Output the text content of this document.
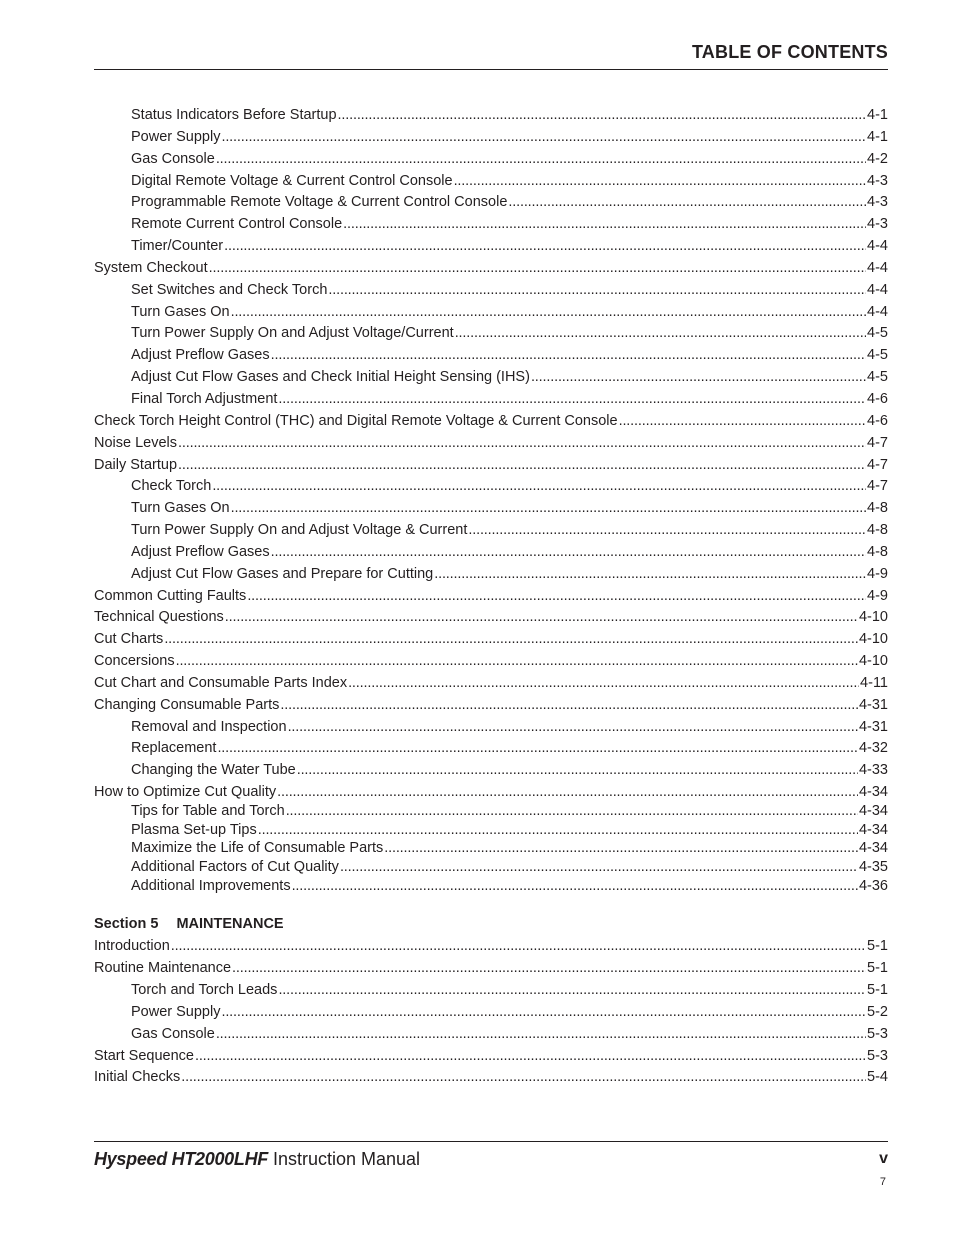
TABLE OF CONTENTS
Status Indicators Before Startup . . .	4-1
Power Supply . . .	4-1
Gas Console . . .	4-2
Digital Remote Voltage & Current Control Console . . .	4-3
Programmable Remote Voltage & Current Control Console . . .	4-3
Remote Current Control Console . . .	4-3
Timer/Counter . . .	4-4
System Checkout . . .	4-4
Set Switches and Check Torch . . .	4-4
Turn Gases On . . .	4-4
Turn Power Supply On and Adjust Voltage/Current . . .	4-5
Adjust Preflow Gases . . .	4-5
Adjust Cut Flow Gases and Check Initial Height Sensing (IHS) . . .	4-5
Final Torch Adjustment . . .	4-6
Check Torch Height Control (THC) and Digital Remote Voltage & Current Console . . .	4-6
Noise Levels . . .	4-7
Daily Startup . . .	4-7
Check Torch . . .	4-7
Turn Gases On . . .	4-8
Turn Power Supply On and Adjust Voltage & Current . . .	4-8
Adjust Preflow Gases . . .	4-8
Adjust Cut Flow Gases and Prepare for Cutting . . .	4-9
Common Cutting Faults . . .	4-9
Technical Questions . . .	4-10
Cut Charts . . .	4-10
Concersions . . .	4-10
Cut Chart and Consumable Parts Index . . .	4-11
Changing Consumable Parts . . .	4-31
Removal and Inspection . . .	4-31
Replacement . . .	4-32
Changing the Water Tube . . .	4-33
How to Optimize Cut Quality . . .	4-34
Tips for Table and Torch . . .	4-34
Plasma Set-up Tips . . .	4-34
Maximize the Life of Consumable Parts . . .	4-34
Additional Factors of Cut Quality . . .	4-35
Additional Improvements . . .	4-36
Section 5 MAINTENANCE
Introduction . . .	5-1
Routine Maintenance . . .	5-1
Torch and Torch Leads . . .	5-1
Power Supply . . .	5-2
Gas Console . . .	5-3
Start Sequence . . .	5-3
Initial Checks . . .	5-4
Hyspeed HT2000LHF Instruction Manual	v
7
